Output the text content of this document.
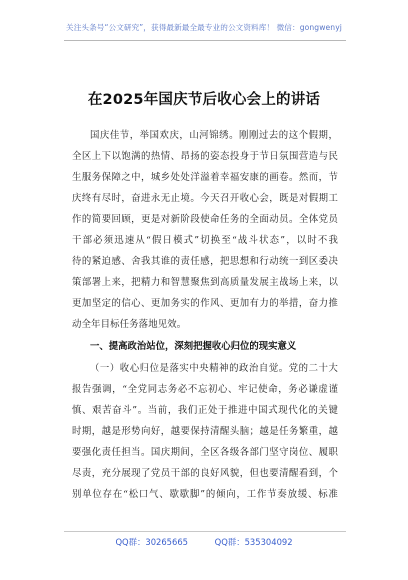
关注头条号“公文研究”，获得最新最全最专业的公文资料库！ 微信：gongwenyj
在2025年国庆节后收心会上的讲话
国庆佳节，举国欢庆，山河锦绣。刚刚过去的这个假期，
全区上下以饱满的热情、昂扬的姿态投身于节日氛围营造与民
生服务保障之中，城乡处处洋溢着幸福安康的画卷。然而，节
庆终有尽时，奋进永无止境。今天召开收心会，既是对假期工
作的简要回顾，更是对新阶段使命任务的全面动员。全体党员
干部必须迅速从“假日模式”切换至“战斗状态”，以时不我
待的紧迫感、舍我其谁的责任感，把思想和行动统一到区委决
策部署上来，把精力和智慧聚焦到高质量发展主战场上来，以
更加坚定的信心、更加务实的作风、更加有力的举措，奋力推
动全年目标任务落地见效。
一、提高政治站位，深刻把握收心归位的现实意义
（一）收心归位是落实中央精神的政治自觉。党的二十大
报告强调，“全党同志务必不忘初心、牢记使命，务必谦虚谨
慎、艰苦奋斗”。当前，我们正处于推进中国式现代化的关键
时期，越是形势向好，越要保持清醒头脑；越是任务繁重，越
要强化责任担当。国庆期间，全区各级各部门坚守岗位、履职
尽责，充分展现了党员干部的良好风貌，但也要清醒看到，个
别单位存在“松口气、歇歇脚”的倾向，工作节奏放缓、标准
QQ群：30265665	QQ群：535304092
